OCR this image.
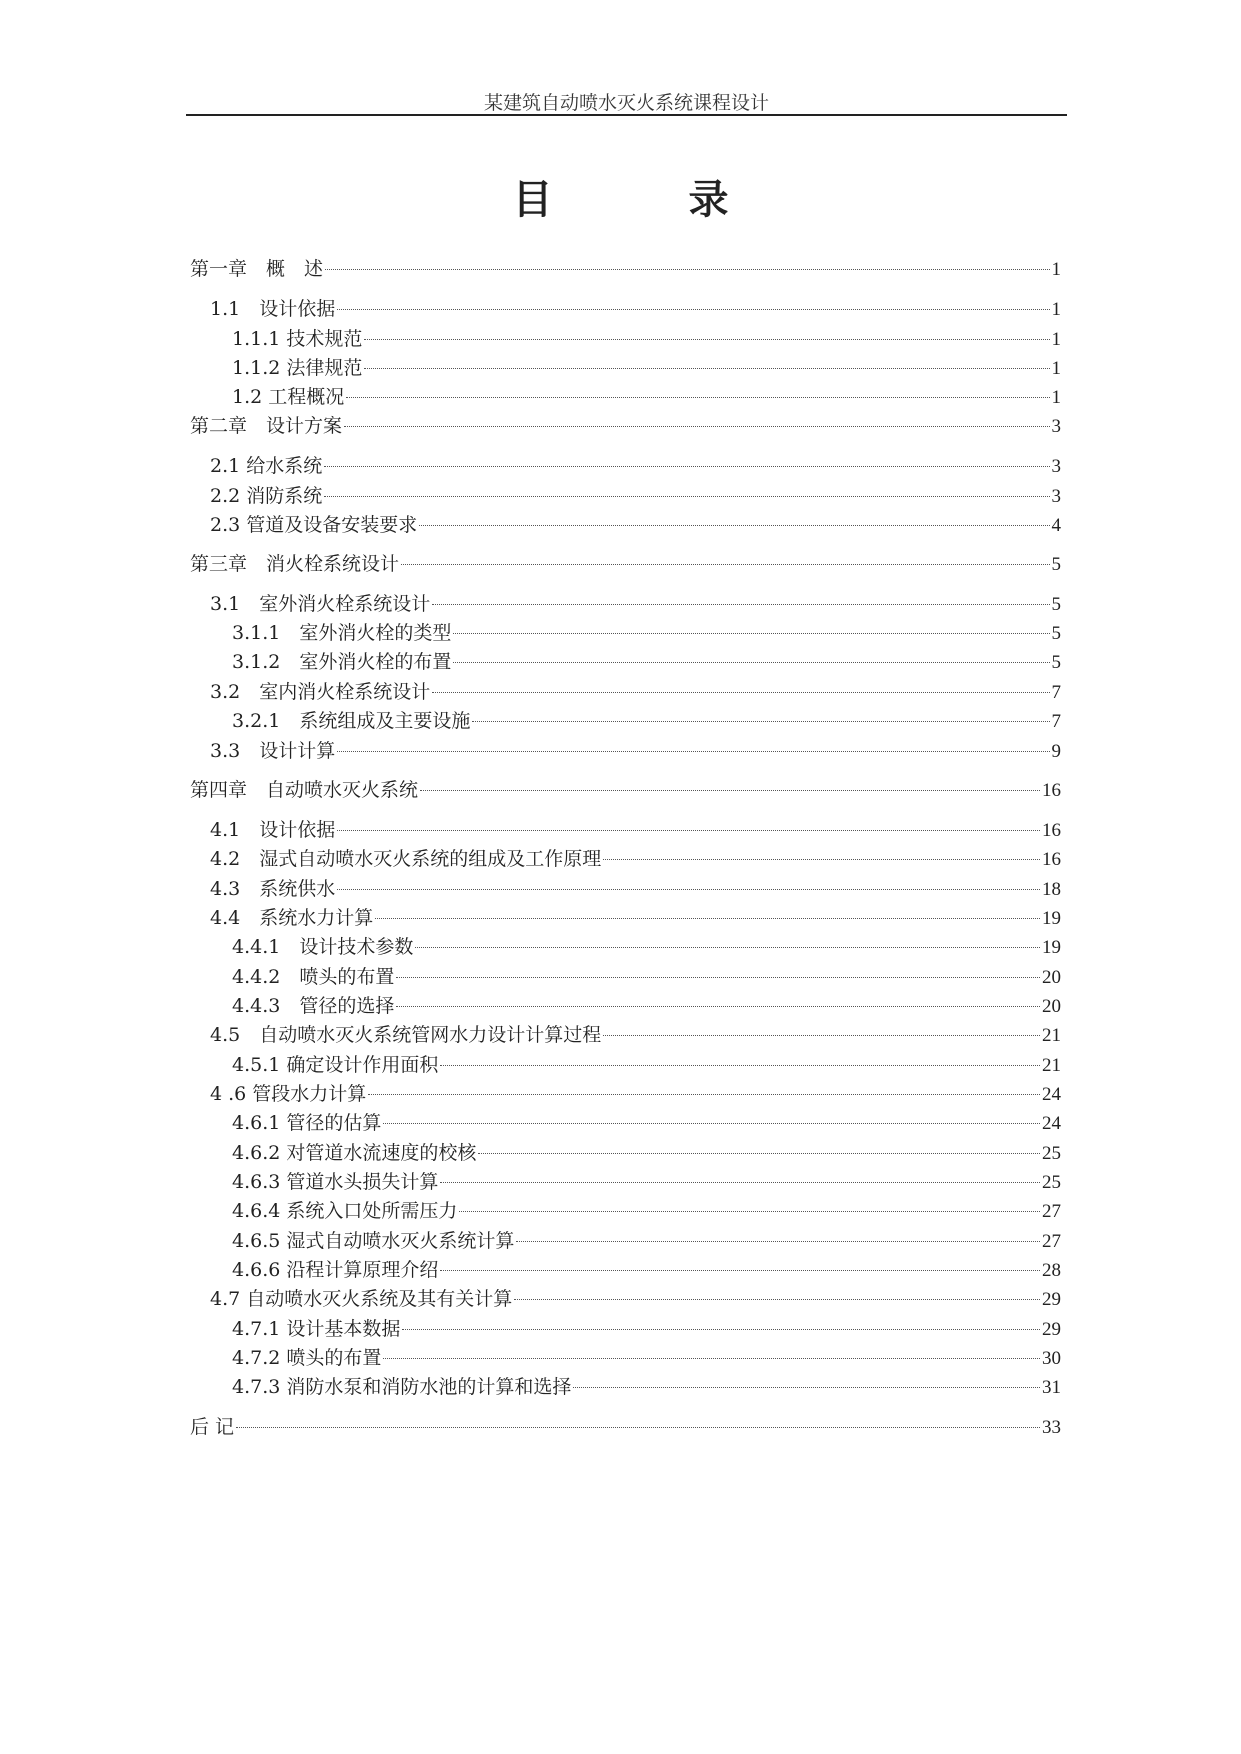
某建筑自动喷水灭火系统课程设计
目　录
第一章　概　述	1
1.1　设计依据	1
1.1.1 技术规范	1
1.1.2 法律规范	1
1.2 工程概况	1
第二章　设计方案	3
2.1 给水系统	3
2.2 消防系统	3
2.3 管道及设备安装要求	4
第三章　消火栓系统设计	5
3.1　室外消火栓系统设计	5
3.1.1　室外消火栓的类型	5
3.1.2　室外消火栓的布置	5
3.2　室内消火栓系统设计	7
3.2.1　系统组成及主要设施	7
3.3　设计计算	9
第四章　自动喷水灭火系统	16
4.1　设计依据	16
4.2　湿式自动喷水灭火系统的组成及工作原理	16
4.3　系统供水	18
4.4　系统水力计算	19
4.4.1　设计技术参数	19
4.4.2　喷头的布置	20
4.4.3　管径的选择	20
4.5　自动喷水灭火系统管网水力设计计算过程	21
4.5.1 确定设计作用面积	21
4 .6 管段水力计算	24
4.6.1 管径的估算	24
4.6.2 对管道水流速度的校核	25
4.6.3 管道水头损失计算	25
4.6.4 系统入口处所需压力	27
4.6.5 湿式自动喷水灭火系统计算	27
4.6.6 沿程计算原理介绍	28
4.7 自动喷水灭火系统及其有关计算	29
4.7.1 设计基本数据	29
4.7.2 喷头的布置	30
4.7.3 消防水泵和消防水池的计算和选择	31
后 记	33
